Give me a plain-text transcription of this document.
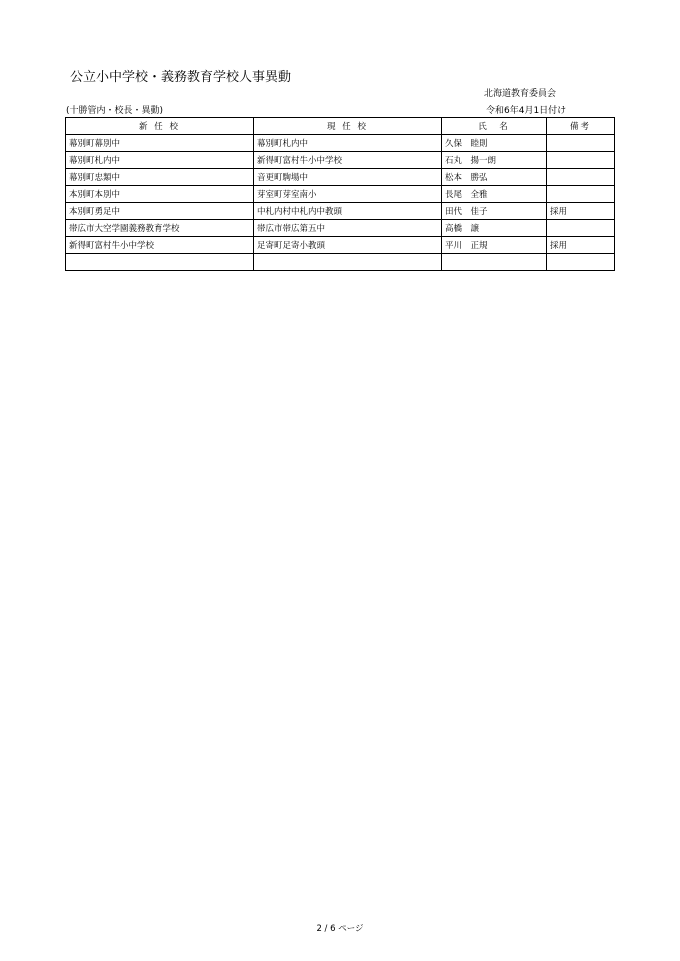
公立小中学校・義務教育学校人事異動
北海道教育委員会
(十勝管内・校長・異動)	令和6年4月1日付け
新 任 校	現 任 校	氏　名	備考
幕別町幕別中	幕別町札内中	久保　睦則	
幕別町札内中	新得町富村牛小中学校	石丸　揚一朗	
幕別町忠類中	音更町駒場中	松本　勝弘	
本別町本別中	芽室町芽室南小	長尾　全雅	
本別町勇足中	中札内村中札内中教頭	田代　佳子	採用
帯広市大空学園義務教育学校	帯広市帯広第五中	高橋　譲	
新得町富村牛小中学校	足寄町足寄小教頭	平川　正規	採用

2 / 6 ページ
